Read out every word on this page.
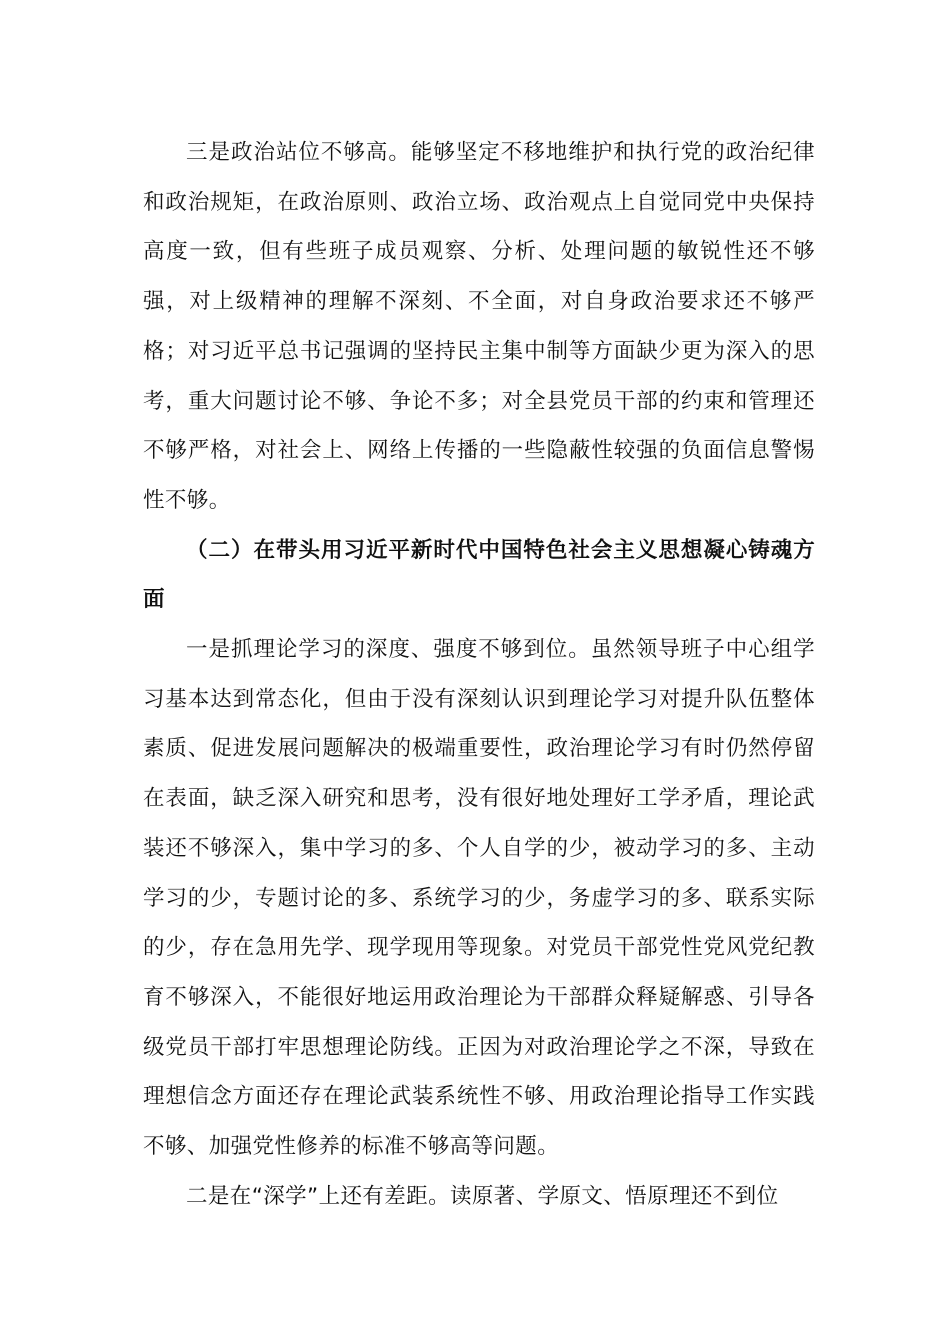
三是政治站位不够高。能够坚定不移地维护和执行党的政治纪律和政治规矩，在政治原则、政治立场、政治观点上自觉同党中央保持高度一致，但有些班子成员观察、分析、处理问题的敏锐性还不够强，对上级精神的理解不深刻、不全面，对自身政治要求还不够严格；对习近平总书记强调的坚持民主集中制等方面缺少更为深入的思考，重大问题讨论不够、争论不多；对全县党员干部的约束和管理还不够严格，对社会上、网络上传播的一些隐蔽性较强的负面信息警惕性不够。

（二）在带头用习近平新时代中国特色社会主义思想凝心铸魂方面

一是抓理论学习的深度、强度不够到位。虽然领导班子中心组学习基本达到常态化，但由于没有深刻认识到理论学习对提升队伍整体素质、促进发展问题解决的极端重要性，政治理论学习有时仍然停留在表面，缺乏深入研究和思考，没有很好地处理好工学矛盾，理论武装还不够深入，集中学习的多、个人自学的少，被动学习的多、主动学习的少，专题讨论的多、系统学习的少，务虚学习的多、联系实际的少，存在急用先学、现学现用等现象。对党员干部党性党风党纪教育不够深入，不能很好地运用政治理论为干部群众释疑解惑、引导各级党员干部打牢思想理论防线。正因为对政治理论学之不深，导致在理想信念方面还存在理论武装系统性不够、用政治理论指导工作实践不够、加强党性修养的标准不够高等问题。

二是在“深学”上还有差距。读原著、学原文、悟原理还不到位
